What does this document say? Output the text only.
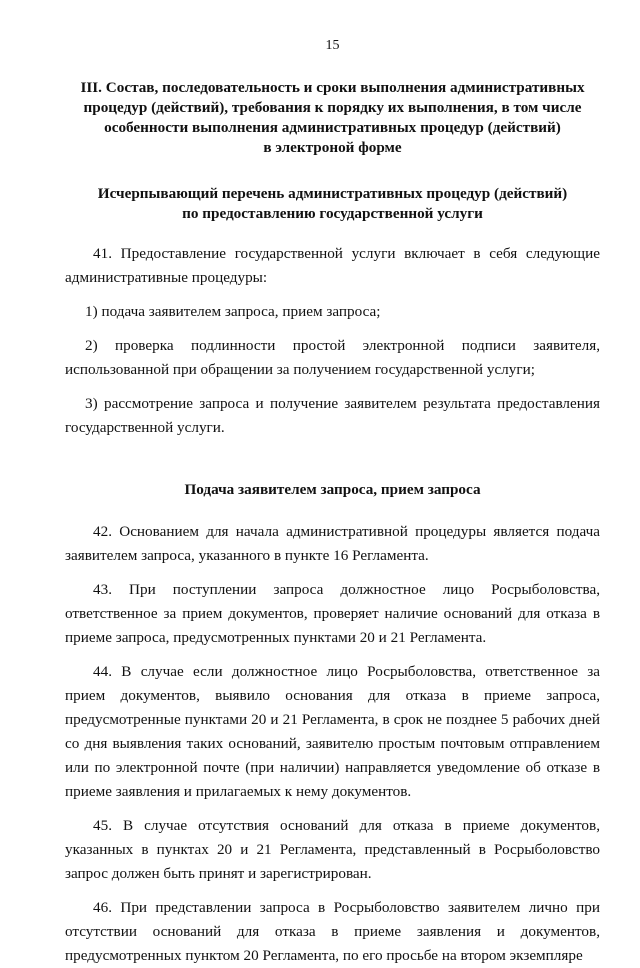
15
III. Состав, последовательность и сроки выполнения административных
процедур (действий), требования к порядку их выполнения, в том числе
особенности выполнения административных процедур (действий)
в электроной форме
Исчерпывающий перечень административных процедур (действий)
по предоставлению государственной услуги

41. Предоставление государственной услуги включает в себя следующие административные процедуры:

1) подача заявителем запроса, прием запроса;

2) проверка подлинности простой электронной подписи заявителя, использованной при обращении за получением государственной услуги;

3) рассмотрение запроса и получение заявителем результата предоставления государственной услуги.

Подача заявителем запроса, прием запроса

42. Основанием для начала административной процедуры является подача заявителем запроса, указанного в пункте 16 Регламента.

43. При поступлении запроса должностное лицо Росрыболовства, ответственное за прием документов, проверяет наличие оснований для отказа в приеме запроса, предусмотренных пунктами 20 и 21 Регламента.

44. В случае если должностное лицо Росрыболовства, ответственное за прием документов, выявило основания для отказа в приеме запроса, предусмотренные пунктами 20 и 21 Регламента, в срок не позднее 5 рабочих дней со дня выявления таких оснований, заявителю простым почтовым отправлением или по электронной почте (при наличии) направляется уведомление об отказе в приеме заявления и прилагаемых к нему документов.

45. В случае отсутствия оснований для отказа в приеме документов, указанных в пунктах 20 и 21 Регламента, представленный в Росрыболовство запрос должен быть принят и зарегистрирован.

46. При представлении запроса в Росрыболовство заявителем лично при отсутствии оснований для отказа в приеме заявления и документов, предусмотренных пунктом 20 Регламента, по его просьбе на втором экземпляре
